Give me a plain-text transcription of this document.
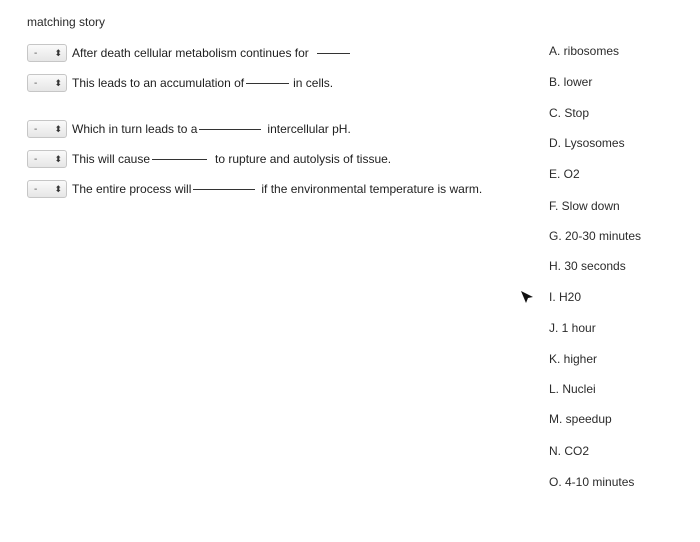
matching story
- ⬍ After death cellular metabolism continues for
- ⬍ This leads to an accumulation of	in cells.
- ⬍ Which in turn leads to a	intercellular pH.
- ⬍ This will cause	to rupture and autolysis of tissue.
- ⬍ The entire process will	if the environmental temperature is warm.
A. ribosomes
B. lower
C. Stop
D. Lysosomes
E. O2
F. Slow down
G. 20-30 minutes
H. 30 seconds
I. H20
J. 1 hour
K. higher
L. Nuclei
M. speedup
N. CO2
O. 4-10 minutes
